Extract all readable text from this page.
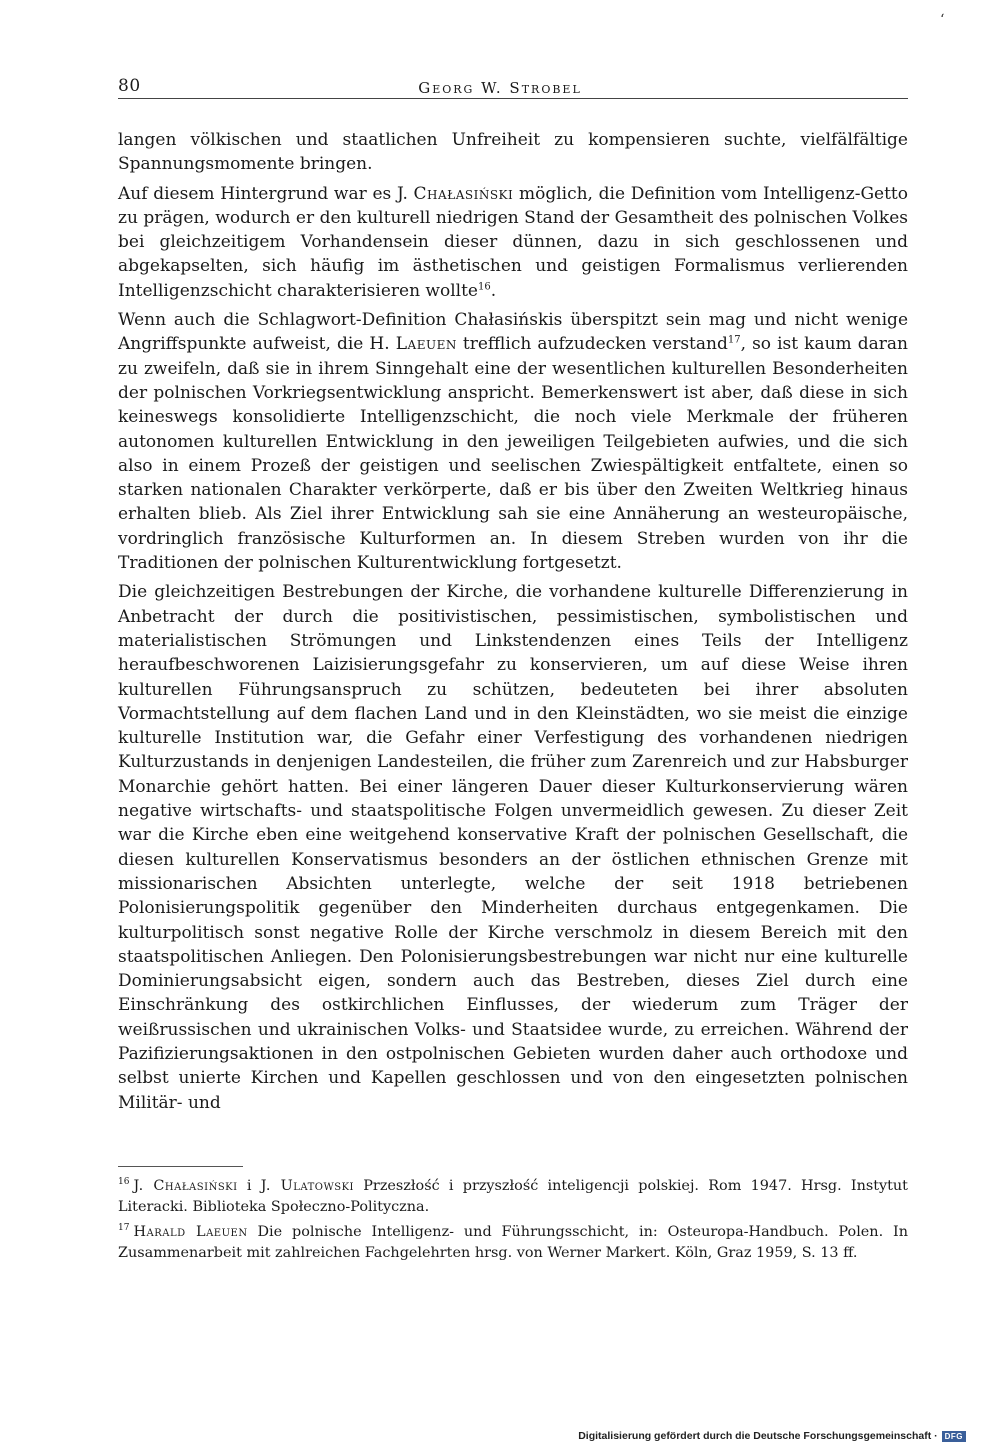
ʻ
80	Georg W. Strobel

langen völkischen und staatlichen Unfreiheit zu kompensieren suchte, vielfälfältige Spannungsmomente bringen.

Auf diesem Hintergrund war es J. Chałasiński möglich, die Definition vom Intelligenz-Getto zu prägen, wodurch er den kulturell niedrigen Stand der Gesamtheit des polnischen Volkes bei gleichzeitigem Vorhandensein dieser dünnen, dazu in sich geschlossenen und abgekapselten, sich häufig im ästhetischen und geistigen Formalismus verlierenden Intelligenzschicht charakterisieren wollte$^{16}$.

Wenn auch die Schlagwort-Definition Chałasińskis überspitzt sein mag und nicht wenige Angriffspunkte aufweist, die H. Laeuen trefflich aufzudecken verstand$^{17}$, so ist kaum daran zu zweifeln, daß sie in ihrem Sinngehalt eine der wesentlichen kulturellen Besonderheiten der polnischen Vorkriegsentwicklung anspricht. Bemerkenswert ist aber, daß diese in sich keineswegs konsolidierte Intelligenzschicht, die noch viele Merkmale der früheren autonomen kulturellen Entwicklung in den jeweiligen Teilgebieten aufwies, und die sich also in einem Prozeß der geistigen und seelischen Zwiespältigkeit entfaltete, einen so starken nationalen Charakter verkörperte, daß er bis über den Zweiten Weltkrieg hinaus erhalten blieb. Als Ziel ihrer Entwicklung sah sie eine Annäherung an westeuropäische, vordringlich französische Kulturformen an. In diesem Streben wurden von ihr die Traditionen der polnischen Kulturentwicklung fortgesetzt.

Die gleichzeitigen Bestrebungen der Kirche, die vorhandene kulturelle Differenzierung in Anbetracht der durch die positivistischen, pessimistischen, symbolistischen und materialistischen Strömungen und Linkstendenzen eines Teils der Intelligenz heraufbeschworenen Laizisierungsgefahr zu konservieren, um auf diese Weise ihren kulturellen Führungsanspruch zu schützen, bedeuteten bei ihrer absoluten Vormachtstellung auf dem flachen Land und in den Kleinstädten, wo sie meist die einzige kulturelle Institution war, die Gefahr einer Verfestigung des vorhandenen niedrigen Kulturzustands in denjenigen Landesteilen, die früher zum Zarenreich und zur Habsburger Monarchie gehört hatten. Bei einer längeren Dauer dieser Kulturkonservierung wären negative wirtschafts- und staatspolitische Folgen unvermeidlich gewesen. Zu dieser Zeit war die Kirche eben eine weitgehend konservative Kraft der polnischen Gesellschaft, die diesen kulturellen Konservatismus besonders an der östlichen ethnischen Grenze mit missionarischen Absichten unterlegte, welche der seit 1918 betriebenen Polonisierungspolitik gegenüber den Minderheiten durchaus entgegenkamen. Die kulturpolitisch sonst negative Rolle der Kirche verschmolz in diesem Bereich mit den staatspolitischen Anliegen. Den Polonisierungsbestrebungen war nicht nur eine kulturelle Dominierungsabsicht eigen, sondern auch das Bestreben, dieses Ziel durch eine Einschränkung des ostkirchlichen Einflusses, der wiederum zum Träger der weißrussischen und ukrainischen Volks- und Staatsidee wurde, zu erreichen. Während der Pazifizierungsaktionen in den ostpolnischen Gebieten wurden daher auch orthodoxe und selbst unierte Kirchen und Kapellen geschlossen und von den eingesetzten polnischen Militär- und

$^{16}$ J. Chałasiński i J. Ulatowski Przeszłość i przyszłość inteligencji polskiej. Rom 1947. Hrsg. Instytut Literacki. Biblioteka Społeczno-Polityczna.

$^{17}$ Harald Laeuen Die polnische Intelligenz- und Führungsschicht, in: Osteuropa-Handbuch. Polen. In Zusammenarbeit mit zahlreichen Fachgelehrten hrsg. von Werner Markert. Köln, Graz 1959, S. 13 ff.

Digitalisierung gefördert durch die Deutsche Forschungsgemeinschaft · DFG
